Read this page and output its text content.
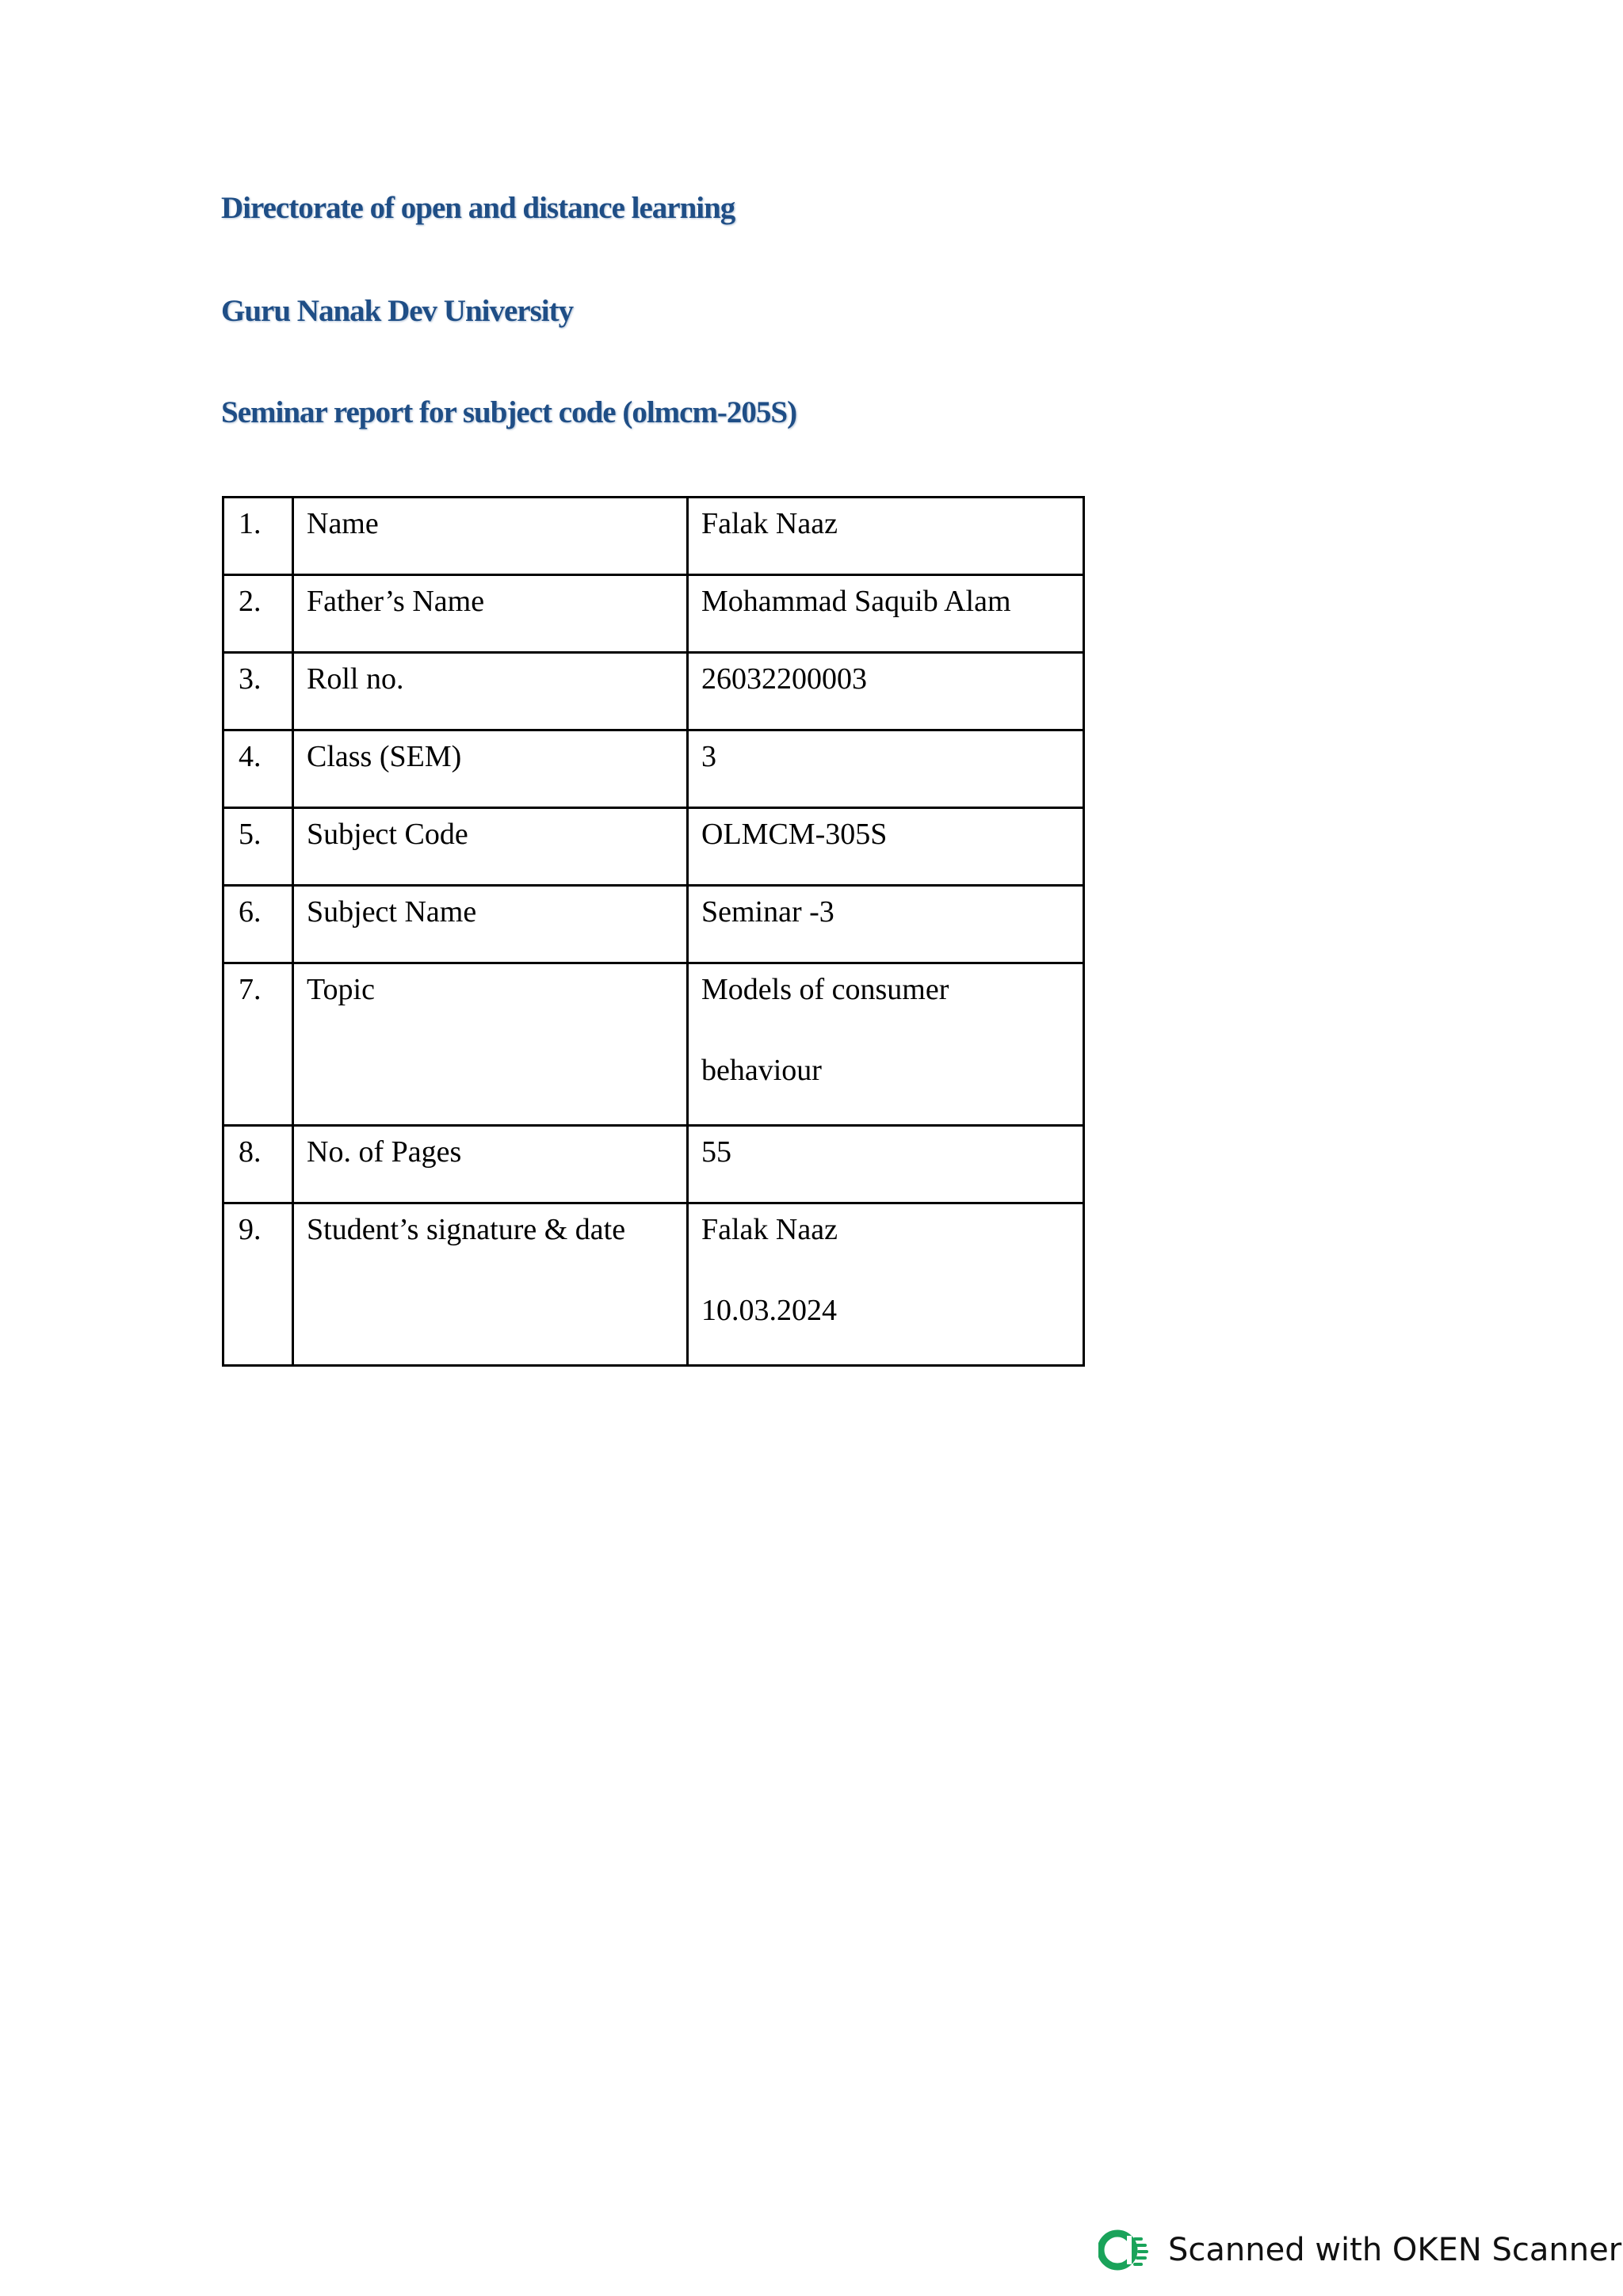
Directorate of open and distance learning
Guru Nanak Dev University
Seminar report for subject code (olmcm-205S)
1.	Name	Falak Naaz

2.	Father’s Name	Mohammad Saquib Alam

3.	Roll no.	26032200003

4.	Class (SEM)	3

5.	Subject Code	OLMCM-305S

6.	Subject Name	Seminar -3

7.	Topic	Models of consumer
behaviour

8.	No. of Pages	55

9.	Student’s signature & date	Falak Naaz
10.03.2024
Scanned with OKEN Scanner
